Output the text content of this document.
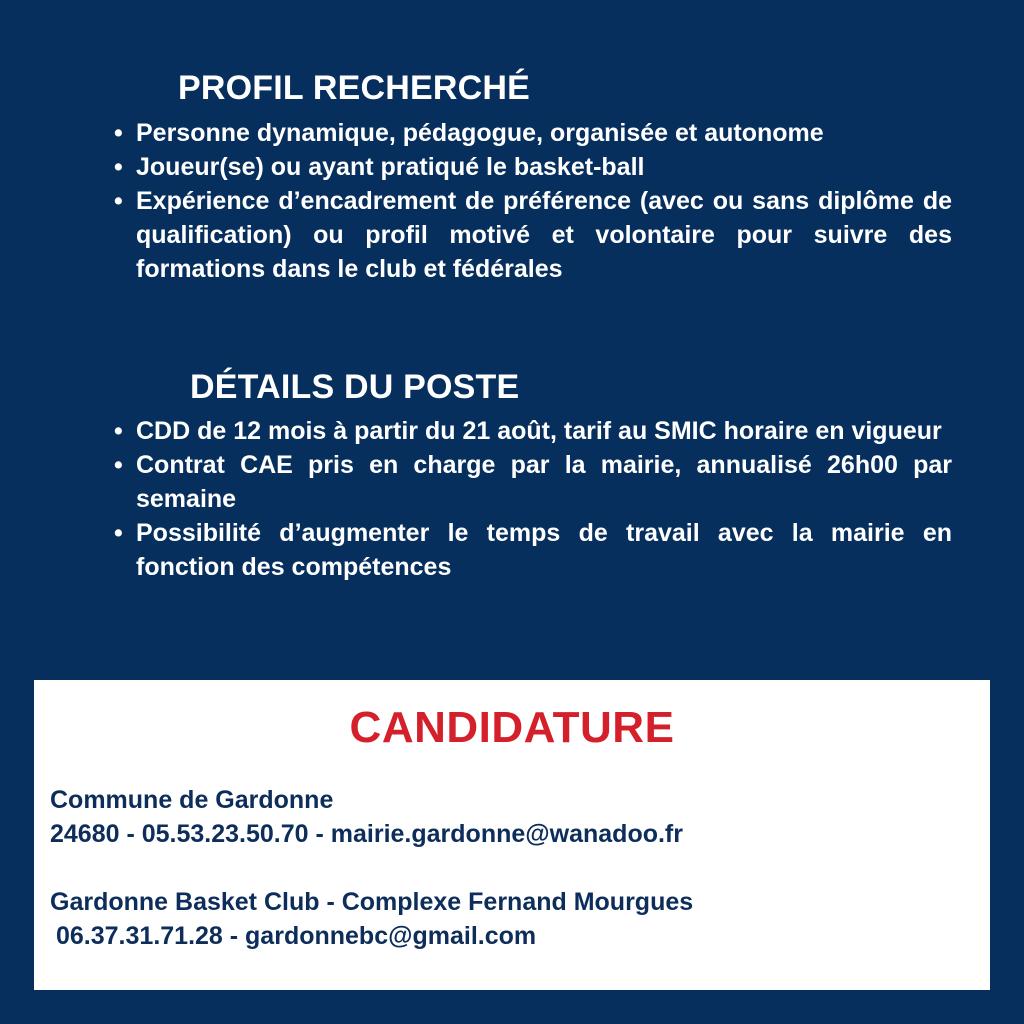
PROFIL RECHERCHÉ
• Personne dynamique, pédagogue, organisée et autonome
• Joueur(se) ou ayant pratiqué le basket-ball
• Expérience d’encadrement de préférence (avec ou sans diplôme de qualification) ou profil motivé et volontaire pour suivre des formations dans le club et fédérales
DÉTAILS DU POSTE
• CDD de 12 mois à partir du 21 août, tarif au SMIC horaire en vigueur
• Contrat CAE pris en charge par la mairie, annualisé 26h00 par semaine
• Possibilité d’augmenter le temps de travail avec la mairie en fonction des compétences
CANDIDATURE
Commune de Gardonne
24680 - 05.53.23.50.70 - mairie.gardonne@wanadoo.fr
Gardonne Basket Club - Complexe Fernand Mourgues
06.37.31.71.28 - gardonnebc@gmail.com
